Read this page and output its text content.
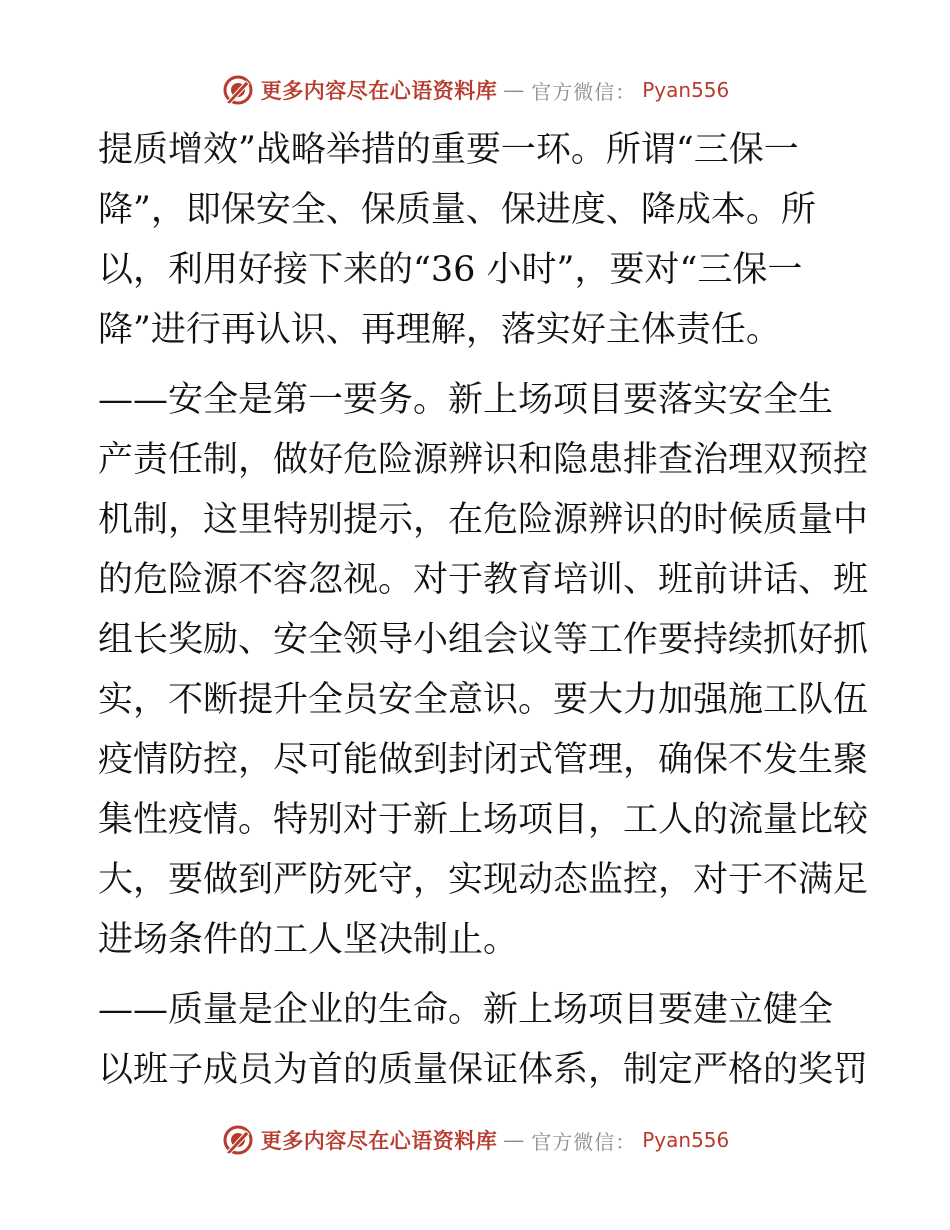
更多内容尽在心语资料库 — 官方微信： Pyan556
提质增效”战略举措的重要一环。所谓“三保一
降”，即保安全、保质量、保进度、降成本。所
以，利用好接下来的“36 小时”，要对“三保一
降”进行再认识、再理解，落实好主体责任。
——安全是第一要务。新上场项目要落实安全生
产责任制，做好危险源辨识和隐患排查治理双预控
机制，这里特别提示，在危险源辨识的时候质量中
的危险源不容忽视。对于教育培训、班前讲话、班
组长奖励、安全领导小组会议等工作要持续抓好抓
实，不断提升全员安全意识。要大力加强施工队伍
疫情防控，尽可能做到封闭式管理，确保不发生聚
集性疫情。特别对于新上场项目，工人的流量比较
大，要做到严防死守，实现动态监控，对于不满足
进场条件的工人坚决制止。
——质量是企业的生命。新上场项目要建立健全
以班子成员为首的质量保证体系，制定严格的奖罚
更多内容尽在心语资料库 — 官方微信： Pyan556
